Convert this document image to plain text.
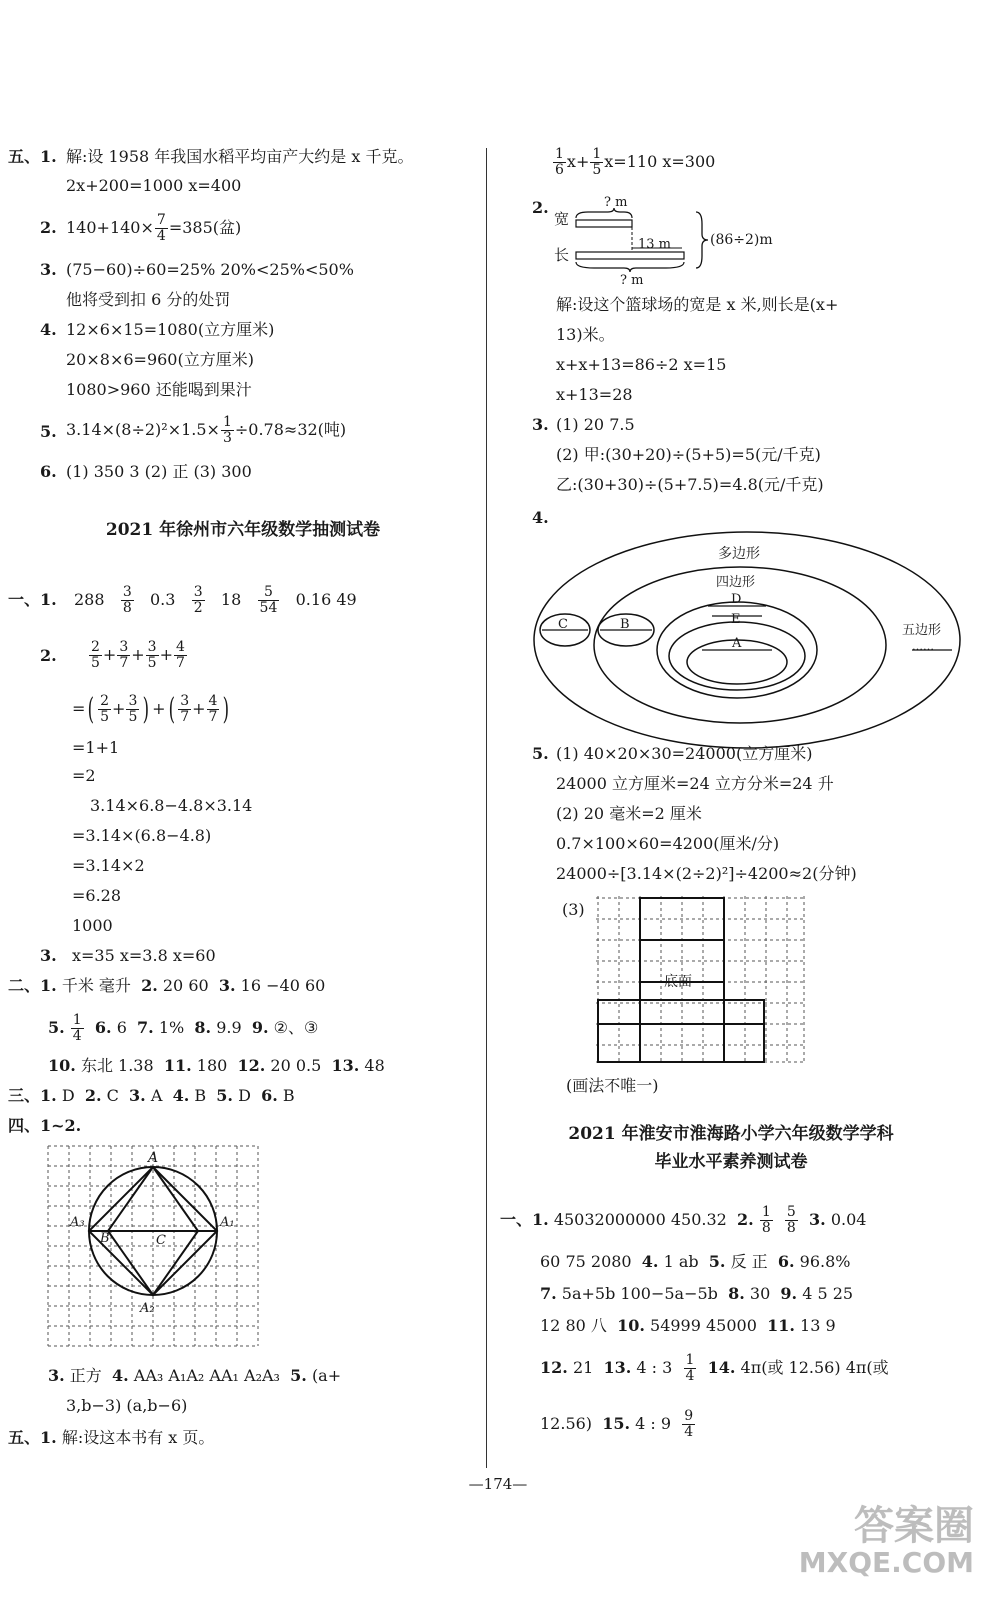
五、1. 解:设 1958 年我国水稻平均亩产大约是 x 千克。
2x+200=1000 x=400
2. $140+140\times \frac{7}{4} =385$(盆)
3. (75−60)÷60=25% 20%<25%<50%
他将受到扣 6 分的处罚
4. 12×6×15=1080(立方厘米)
20×8×6=960(立方厘米)
1080>960 还能喝到果汁
5. $3.14\times(8\div 2)^2\times 1.5\times \frac{1}{3} \div 0.78\approx 32$(吨)
6. (1) 350 3 (2) 正 (3) 300
2021 年徐州市六年级数学抽测试卷
一、1. $288 \frac{3}{8} 0.3 \frac{3}{2} 18 \frac{5}{54} 0.16$ 49
2. $\frac{2}{5} + \frac{3}{7} + \frac{3}{5} + \frac{4}{7}$
=( $\frac{2}{5} + \frac{3}{5}$ ) +( $\frac{3}{7} + \frac{4}{7}$ )
=1+1
=2
3.14×6.8−4.8×3.14
=3.14×(6.8−4.8)
=3.14×2
=6.28
1000
3. x=35 x=3.8 x=60
二、1. 千米 毫升 2. 20 60 3. 16 −40 60
5. $\frac{1}{4} 6$. 6 7. 1% 8. 9.9 9. ②、③
10. 东北 1.38 11. 180 12. 20 0.5 13. 48
三、1. D 2. C 3. A 4. B 5. D 6. B
四、1~2.
A
A₃	A₁
B	C
A₂
3. 正方 4. AA₃ A₁A₂ AA₁ A₂A₃ 5. (a+
3,b−3) (a,b−6)
五、1. 解:设这本书有 x 页。
$\frac{1}{6} x+ \frac{1}{5} x=110$ x=300
2.
宽
长
? m
13 m
? m
(86÷2)m
解:设这个篮球场的宽是 x 米,则长是(x+
13)米。
x+x+13=86÷2 x=15
x+13=28
3. (1) 20 7.5
(2) 甲:(30+20)÷(5+5)=5(元/千克)
乙:(30+30)÷(5+7.5)=4.8(元/千克)
4.
多边形
四边形
D
E
A
C	B	五边形
……
5. (1) 40×20×30=24000(立方厘米)
24000 立方厘米=24 立方分米=24 升
(2) 20 毫米=2 厘米
0.7×100×60=4200(厘米/分)
24000÷[3.14×(2÷2)²]÷4200≈2(分钟)
(3)
底面
(画法不唯一)
2021 年淮安市淮海路小学六年级数学学科
毕业水平素养测试卷
一、1. 45032000000 450.32 2. $\frac{1}{8}$
$\frac{5}{8} 3$. 0.04
60 75 2080 4. 1 ab 5. 反 正 6. 96.8%
7. 5a+5b 100−5a−5b 8. 30 9. 4 5 25
12 80 八 10. 54999 45000 11. 13 9
12. 21 13. 4 : $3 \frac{1}{4} 14$. 4π(或 12.56) 4π(或
12.56) 15. 4 : $9 \frac{9}{4}$
—174—
答案圈
MXQE.COM
